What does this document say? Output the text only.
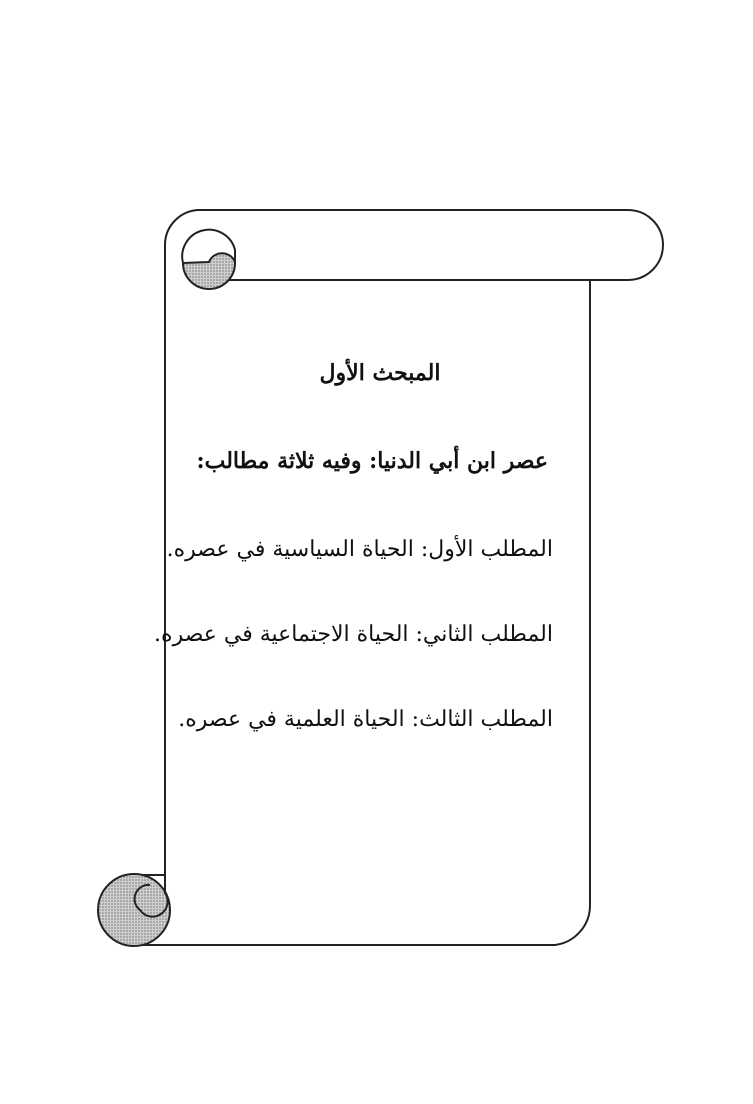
المبحث الأول
عصر ابن أبي الدنيا: وفيه ثلاثة مطالب:

المطلب الأول: الحياة السياسية في عصره.

المطلب الثاني: الحياة الاجتماعية في عصره.

المطلب الثالث: الحياة العلمية في عصره.
